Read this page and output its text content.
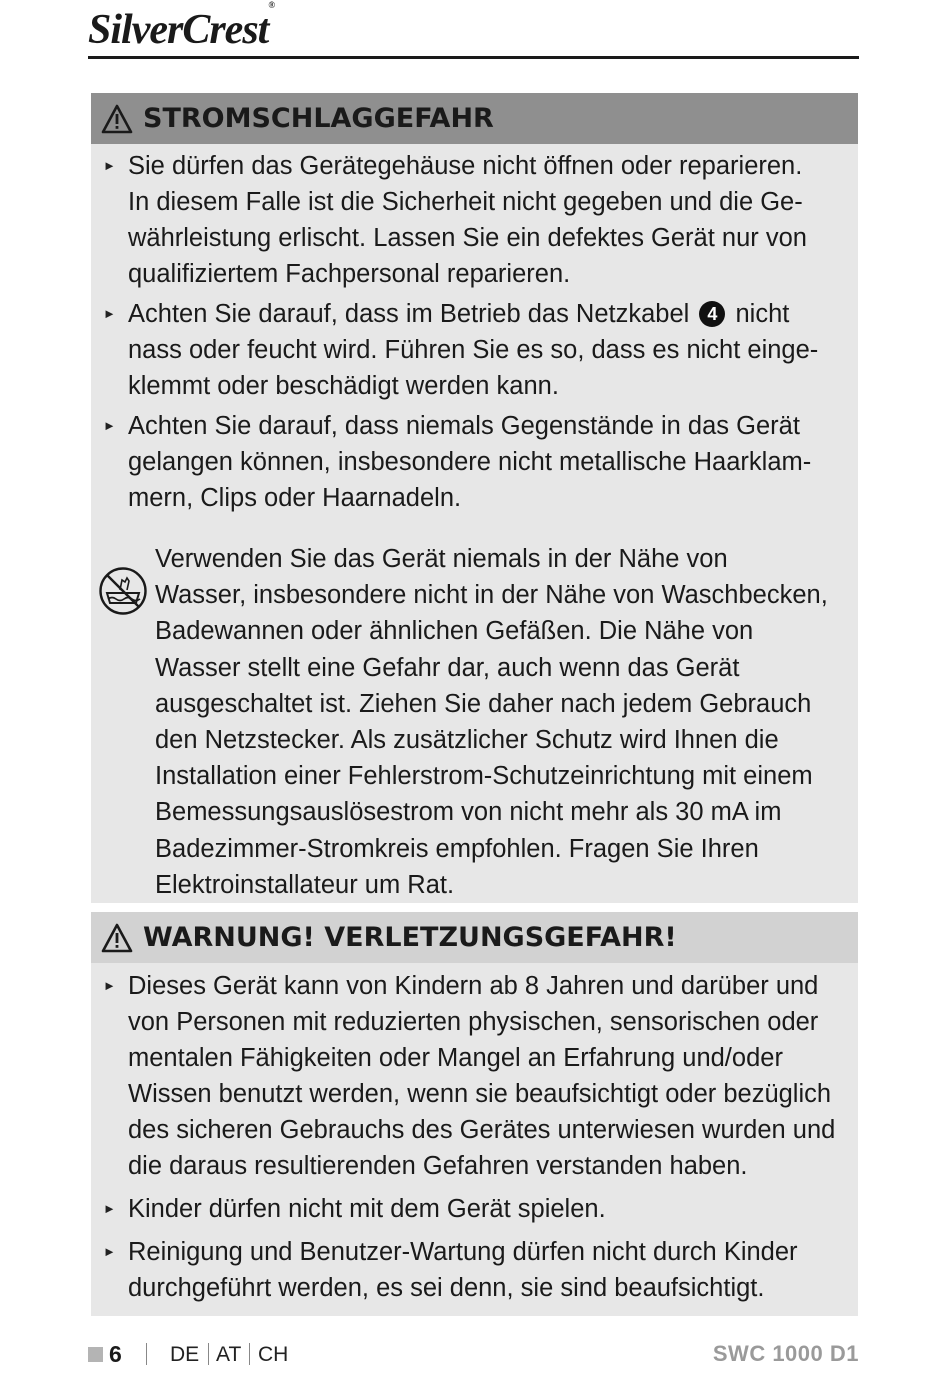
SilverCrest®
STROMSCHLAGGEFAHR
► Sie dürfen das Gerätegehäuse nicht öffnen oder reparieren.
In diesem Falle ist die Sicherheit nicht gegeben und die Ge-
währleistung erlischt. Lassen Sie ein defektes Gerät nur von
qualifiziertem Fachpersonal reparieren.
► Achten Sie darauf, dass im Betrieb das Netzkabel 4 nicht
nass oder feucht wird. Führen Sie es so, dass es nicht einge-
klemmt oder beschädigt werden kann.
► Achten Sie darauf, dass niemals Gegenstände in das Gerät
gelangen können, insbesondere nicht metallische Haarklam-
mern, Clips oder Haarnadeln.
Verwenden Sie das Gerät niemals in der Nähe von
Wasser, insbesondere nicht in der Nähe von Waschbecken,
Badewannen oder ähnlichen Gefäßen. Die Nähe von
Wasser stellt eine Gefahr dar, auch wenn das Gerät
ausgeschaltet ist. Ziehen Sie daher nach jedem Gebrauch
den Netzstecker. Als zusätzlicher Schutz wird Ihnen die
Installation einer Fehlerstrom-Schutzeinrichtung mit einem
Bemessungsauslösestrom von nicht mehr als 30 mA im
Badezimmer-Stromkreis empfohlen. Fragen Sie Ihren
Elektroinstallateur um Rat.
WARNUNG! VERLETZUNGSGEFAHR!
► Dieses Gerät kann von Kindern ab 8 Jahren und darüber und
von Personen mit reduzierten physischen, sensorischen oder
mentalen Fähigkeiten oder Mangel an Erfahrung und/oder
Wissen benutzt werden, wenn sie beaufsichtigt oder bezüglich
des sicheren Gebrauchs des Gerätes unterwiesen wurden und
die daraus resultierenden Gefahren verstanden haben.
► Kinder dürfen nicht mit dem Gerät spielen.
► Reinigung und Benutzer-Wartung dürfen nicht durch Kinder
durchgeführt werden, es sei denn, sie sind beaufsichtigt.
6 DE AT CH	SWC 1000 D1
